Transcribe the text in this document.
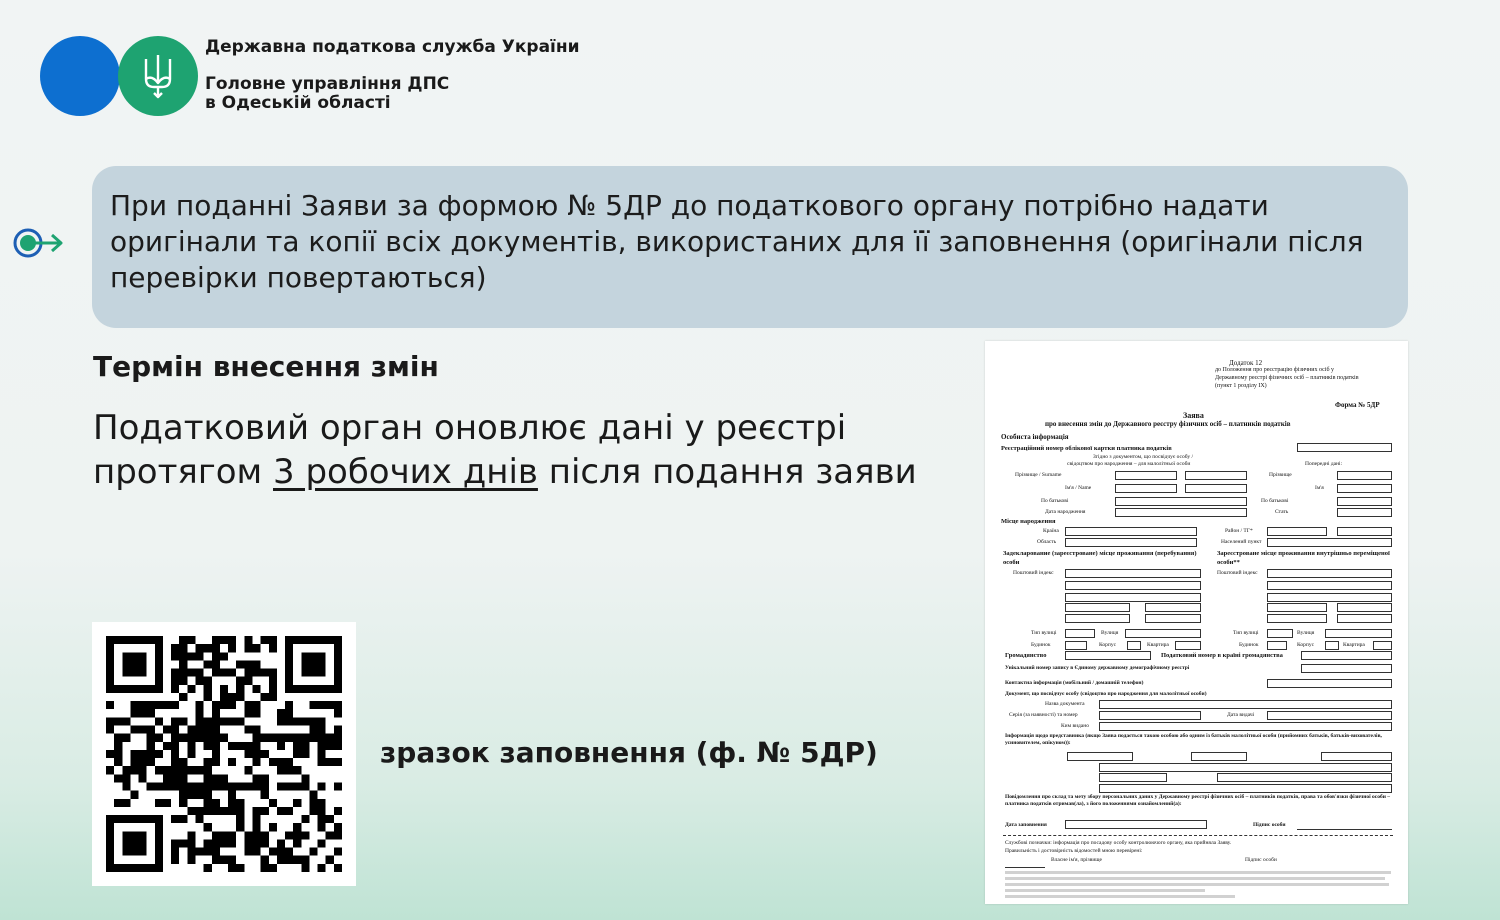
Державна податкова служба України
Головне управління ДПС
в Одеській області
При поданні Заяви за формою № 5ДР до податкового органу потрібно надати оригінали та копії всіх документів, використаних для її заповнення (оригінали після перевірки повертаються)
Термін внесення змін
Податковий орган оновлює дані у реєстрі протягом 3 робочих днів після подання заяви
зразок заповнення (ф. № 5ДР)
Додаток 12
до Положення про реєстрацію фізичних осіб у
Державному реєстрі фізичних осіб – платників податків
(пункт 1 розділу IX)
Форма № 5ДР
Заява
про внесення змін до Державного реєстру фізичних осіб – платників податків
Особиста інформація
Реєстраційний номер облікової картки платника податків
Згідно з документом, що посвідчує особу /
свідоцтвом про народження – для малолітньої особи	Попередні дані:
Прізвище / Surname	Прізвище
Ім'я / Name	Ім'я
По батькові	По батькові
Дата народження	Стать
Місце народження
Країна	Район / ТГ*
Область	Населений пункт
Задекларование (зареєстроване) місце проживання (перебування) особи
Зареєстроване місце проживання внутрішньо переміщеної особи**
Поштовий індекс	Поштовий індекс
Тип вулиці	Вулиця	Тип вулиці	Вулиця
Будинок	Корпус	Квартира	Будинок	Корпус	Квартира
Громадянство	Податковий номер в країні громадянства
Унікальний номер запису в Єдиному державному демографічному реєстрі
Контактна інформація (мобільний / домашній телефон)
Документ, що посвідчує особу (свідоцтво про народження для малолітньої особи)
Назва документа
Серія (за наявності) та номер	Дата видачі
Ким видано
Інформація щодо представника (якщо Заява подається такою особою або одним із батьків малолітньої особи (прийомних батьків, батьків-вихователів, усиновителем, опікуном)):
Повідомлення про склад та мету збору персональних даних у Державному реєстрі фізичних осіб – платників податків, права та обов'язки фізичної особи – платника податків отримав(ла), з його положеннями ознайомлений(а):
Дата заповнення	Підпис особи
Службові позначки: інформація про посадову особу контролюючого органу, яка прийняла Заяву.
Правильність і достовірність відомостей мною перевірені:
Власне ім'я, прізвище	Підпис особи
